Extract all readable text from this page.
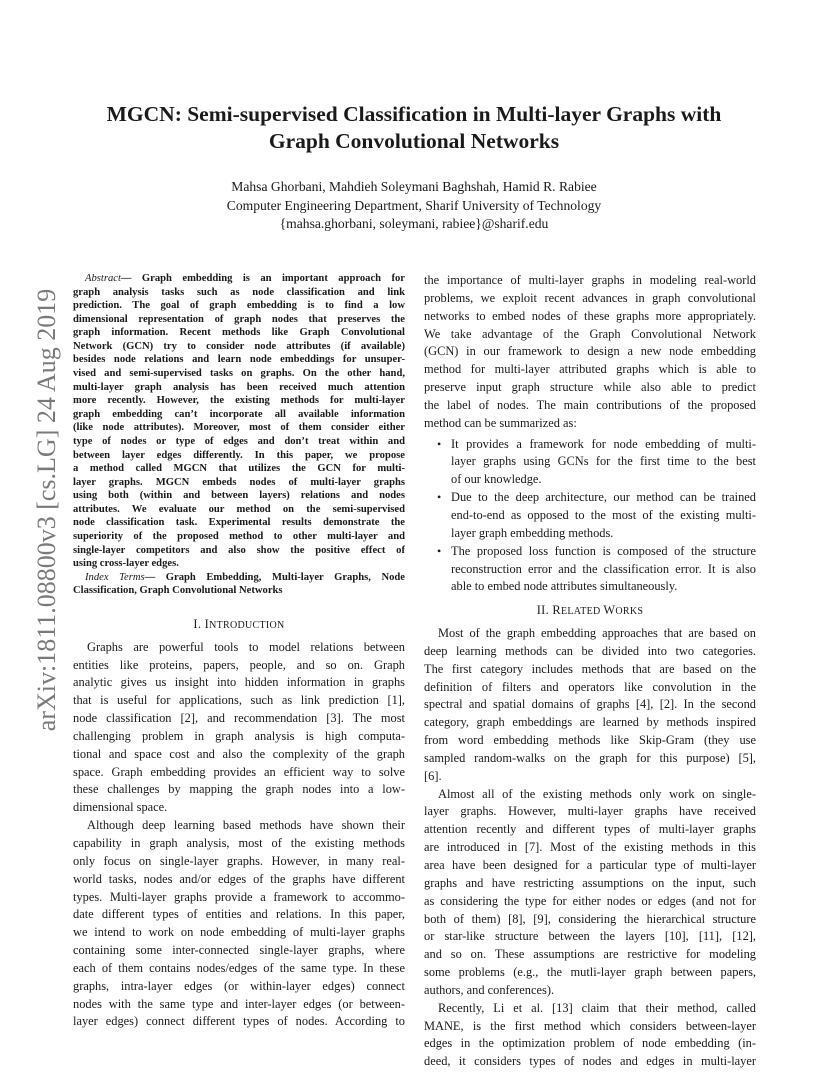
arXiv:1811.08800v3 [cs.LG] 24 Aug 2019
MGCN: Semi-supervised Classification in Multi-layer Graphs with
Graph Convolutional Networks
Mahsa Ghorbani, Mahdieh Soleymani Baghshah, Hamid R. Rabiee
Computer Engineering Department, Sharif University of Technology
{mahsa.ghorbani, soleymani, rabiee}@sharif.edu
Abstract— Graph embedding is an important approach for
graph analysis tasks such as node classification and link
prediction. The goal of graph embedding is to find a low
dimensional representation of graph nodes that preserves the
graph information. Recent methods like Graph Convolutional
Network (GCN) try to consider node attributes (if available)
besides node relations and learn node embeddings for unsuper-
vised and semi-supervised tasks on graphs. On the other hand,
multi-layer graph analysis has been received much attention
more recently. However, the existing methods for multi-layer
graph embedding can’t incorporate all available information
(like node attributes). Moreover, most of them consider either
type of nodes or type of edges and don’t treat within and
between layer edges differently. In this paper, we propose
a method called MGCN that utilizes the GCN for multi-
layer graphs. MGCN embeds nodes of multi-layer graphs
using both (within and between layers) relations and nodes
attributes. We evaluate our method on the semi-supervised
node classification task. Experimental results demonstrate the
superiority of the proposed method to other multi-layer and
single-layer competitors and also show the positive effect of
using cross-layer edges.
Index Terms— Graph Embedding, Multi-layer Graphs, Node
Classification, Graph Convolutional Networks
I. INTRODUCTION
Graphs are powerful tools to model relations between
entities like proteins, papers, people, and so on. Graph
analytic gives us insight into hidden information in graphs
that is useful for applications, such as link prediction [1],
node classification [2], and recommendation [3]. The most
challenging problem in graph analysis is high computa-
tional and space cost and also the complexity of the graph
space. Graph embedding provides an efficient way to solve
these challenges by mapping the graph nodes into a low-
dimensional space.
Although deep learning based methods have shown their
capability in graph analysis, most of the existing methods
only focus on single-layer graphs. However, in many real-
world tasks, nodes and/or edges of the graphs have different
types. Multi-layer graphs provide a framework to accommo-
date different types of entities and relations. In this paper,
we intend to work on node embedding of multi-layer graphs
containing some inter-connected single-layer graphs, where
each of them contains nodes/edges of the same type. In these
graphs, intra-layer edges (or within-layer edges) connect
nodes with the same type and inter-layer edges (or between-
layer edges) connect different types of nodes. According to
the importance of multi-layer graphs in modeling real-world
problems, we exploit recent advances in graph convolutional
networks to embed nodes of these graphs more appropriately.
We take advantage of the Graph Convolutional Network
(GCN) in our framework to design a new node embedding
method for multi-layer attributed graphs which is able to
preserve input graph structure while also able to predict
the label of nodes. The main contributions of the proposed
method can be summarized as:
• It provides a framework for node embedding of multi-
layer graphs using GCNs for the first time to the best
of our knowledge.
• Due to the deep architecture, our method can be trained
end-to-end as opposed to the most of the existing multi-
layer graph embedding methods.
• The proposed loss function is composed of the structure
reconstruction error and the classification error. It is also
able to embed node attributes simultaneously.
II. RELATED WORKS
Most of the graph embedding approaches that are based on
deep learning methods can be divided into two categories.
The first category includes methods that are based on the
definition of filters and operators like convolution in the
spectral and spatial domains of graphs [4], [2]. In the second
category, graph embeddings are learned by methods inspired
from word embedding methods like Skip-Gram (they use
sampled random-walks on the graph for this purpose) [5],
[6].
Almost all of the existing methods only work on single-
layer graphs. However, multi-layer graphs have received
attention recently and different types of multi-layer graphs
are introduced in [7]. Most of the existing methods in this
area have been designed for a particular type of multi-layer
graphs and have restricting assumptions on the input, such
as considering the type for either nodes or edges (and not for
both of them) [8], [9], considering the hierarchical structure
or star-like structure between the layers [10], [11], [12],
and so on. These assumptions are restrictive for modeling
some problems (e.g., the mutli-layer graph between papers,
authors, and conferences).
Recently, Li et al. [13] claim that their method, called
MANE, is the first method which considers between-layer
edges in the optimization problem of node embedding (in-
deed, it considers types of nodes and edges in multi-layer
